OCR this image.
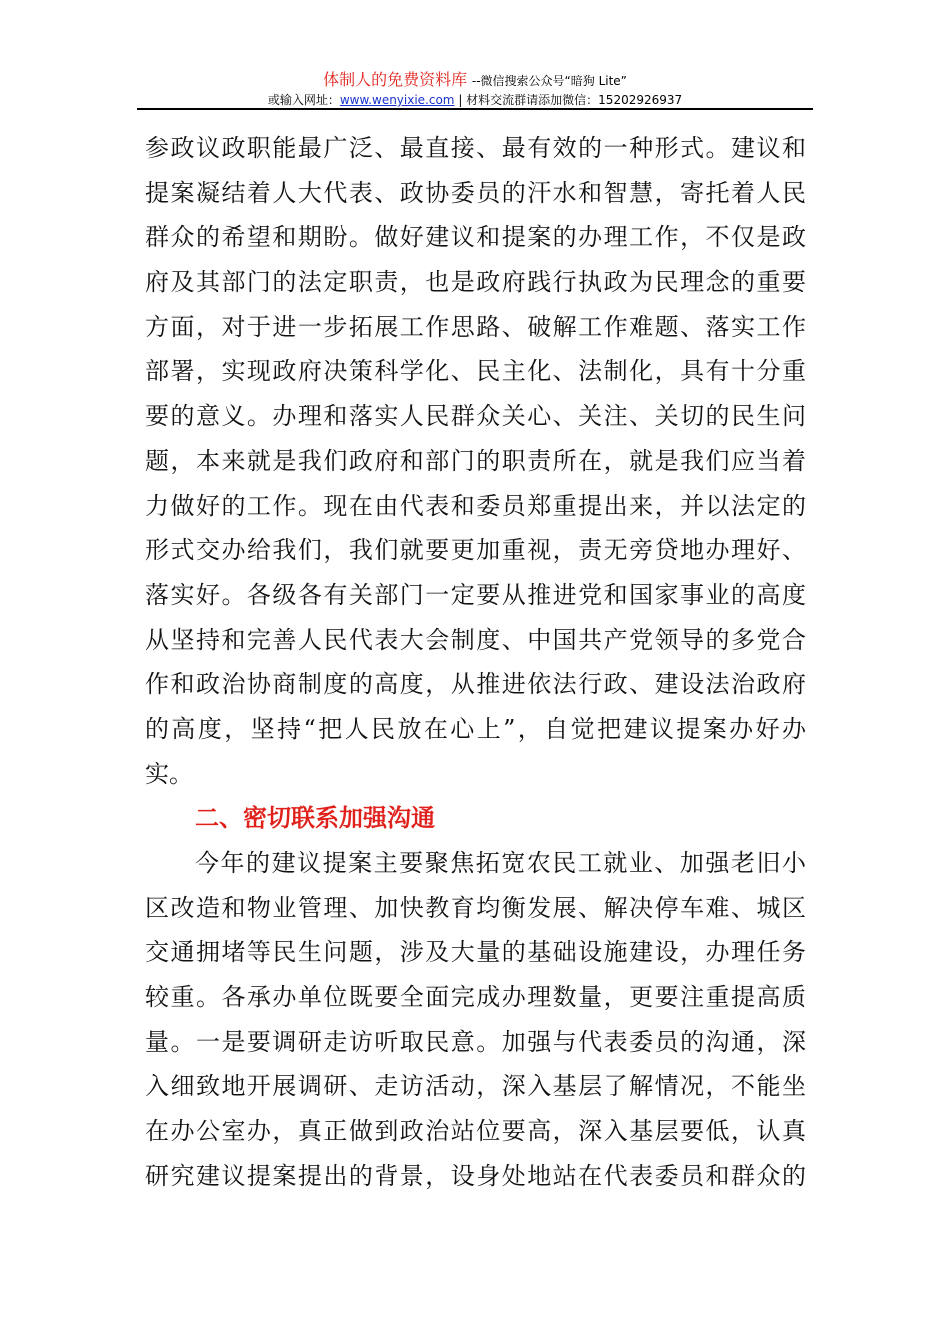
体制人的免费资料库 --微信搜索公众号“暗狗 Lite”
或输入网址：www.wenyixie.com | 材料交流群请添加微信：15202926937
参政议政职能最广泛、最直接、最有效的一种形式。建议和
提案凝结着人大代表、政协委员的汗水和智慧，寄托着人民
群众的希望和期盼。做好建议和提案的办理工作，不仅是政
府及其部门的法定职责，也是政府践行执政为民理念的重要
方面，对于进一步拓展工作思路、破解工作难题、落实工作
部署，实现政府决策科学化、民主化、法制化，具有十分重
要的意义。办理和落实人民群众关心、关注、关切的民生问
题，本来就是我们政府和部门的职责所在，就是我们应当着
力做好的工作。现在由代表和委员郑重提出来，并以法定的
形式交办给我们，我们就要更加重视，责无旁贷地办理好、
落实好。各级各有关部门一定要从推进党和国家事业的高度
从坚持和完善人民代表大会制度、中国共产党领导的多党合
作和政治协商制度的高度，从推进依法行政、建设法治政府
的高度，坚持“把人民放在心上”，自觉把建议提案办好办
实。
二、密切联系加强沟通
今年的建议提案主要聚焦拓宽农民工就业、加强老旧小
区改造和物业管理、加快教育均衡发展、解决停车难、城区
交通拥堵等民生问题，涉及大量的基础设施建设，办理任务
较重。各承办单位既要全面完成办理数量，更要注重提高质
量。一是要调研走访听取民意。加强与代表委员的沟通，深
入细致地开展调研、走访活动，深入基层了解情况，不能坐
在办公室办，真正做到政治站位要高，深入基层要低，认真
研究建议提案提出的背景，设身处地站在代表委员和群众的
